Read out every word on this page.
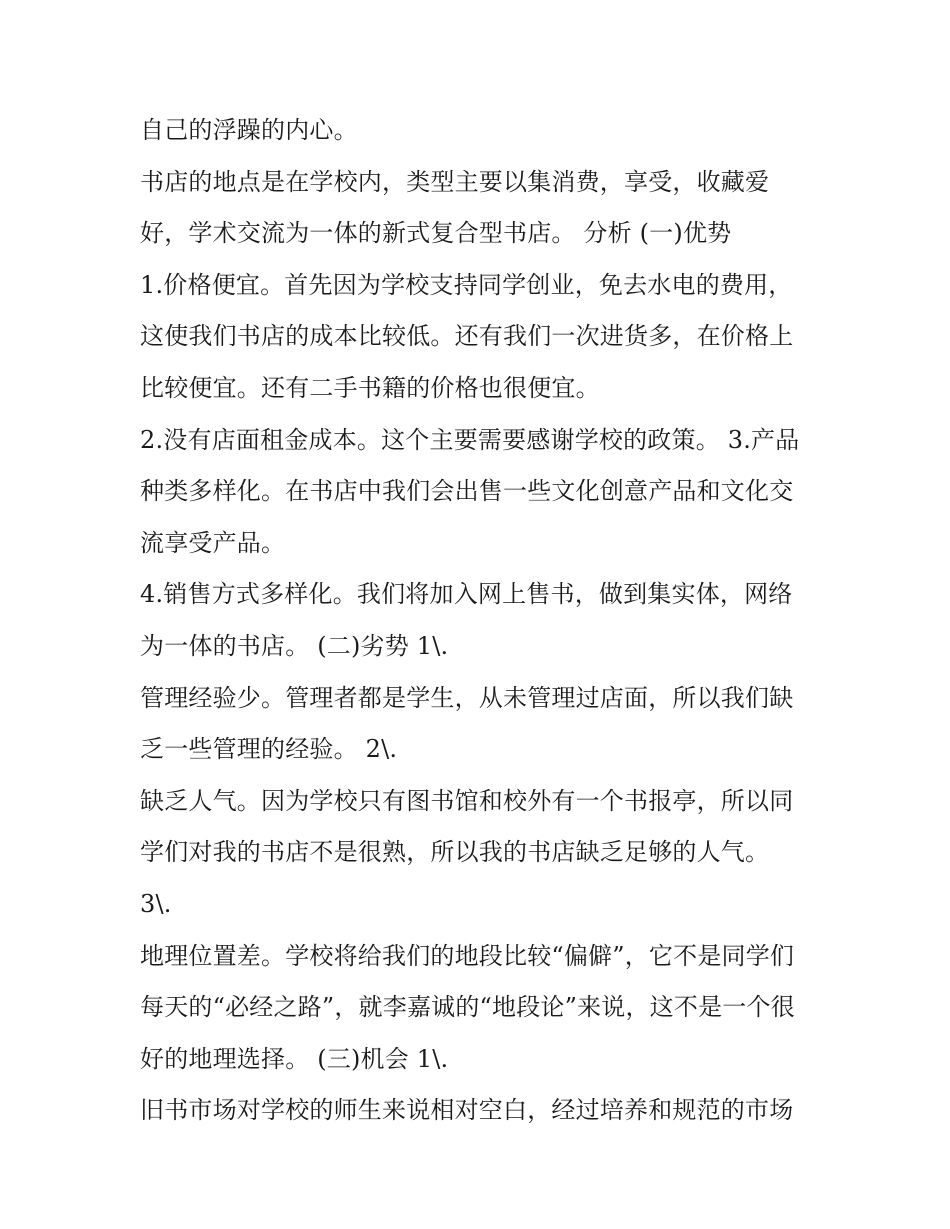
自己的浮躁的内心。
书店的地点是在学校内，类型主要以集消费，享受，收藏爱
好，学术交流为一体的新式复合型书店。 分析 (一)优势
1.价格便宜。首先因为学校支持同学创业，免去水电的费用，
这使我们书店的成本比较低。还有我们一次进货多，在价格上
比较便宜。还有二手书籍的价格也很便宜。
2.没有店面租金成本。这个主要需要感谢学校的政策。 3.产品
种类多样化。在书店中我们会出售一些文化创意产品和文化交
流享受产品。
4.销售方式多样化。我们将加入网上售书，做到集实体，网络
为一体的书店。 (二)劣势 1\.
管理经验少。管理者都是学生，从未管理过店面，所以我们缺
乏一些管理的经验。 2\.
缺乏人气。因为学校只有图书馆和校外有一个书报亭，所以同
学们对我的书店不是很熟，所以我的书店缺乏足够的人气。
3\.
地理位置差。学校将给我们的地段比较“偏僻”，它不是同学们
每天的“必经之路”，就李嘉诚的“地段论”来说，这不是一个很
好的地理选择。 (三)机会 1\.
旧书市场对学校的师生来说相对空白，经过培养和规范的市场
